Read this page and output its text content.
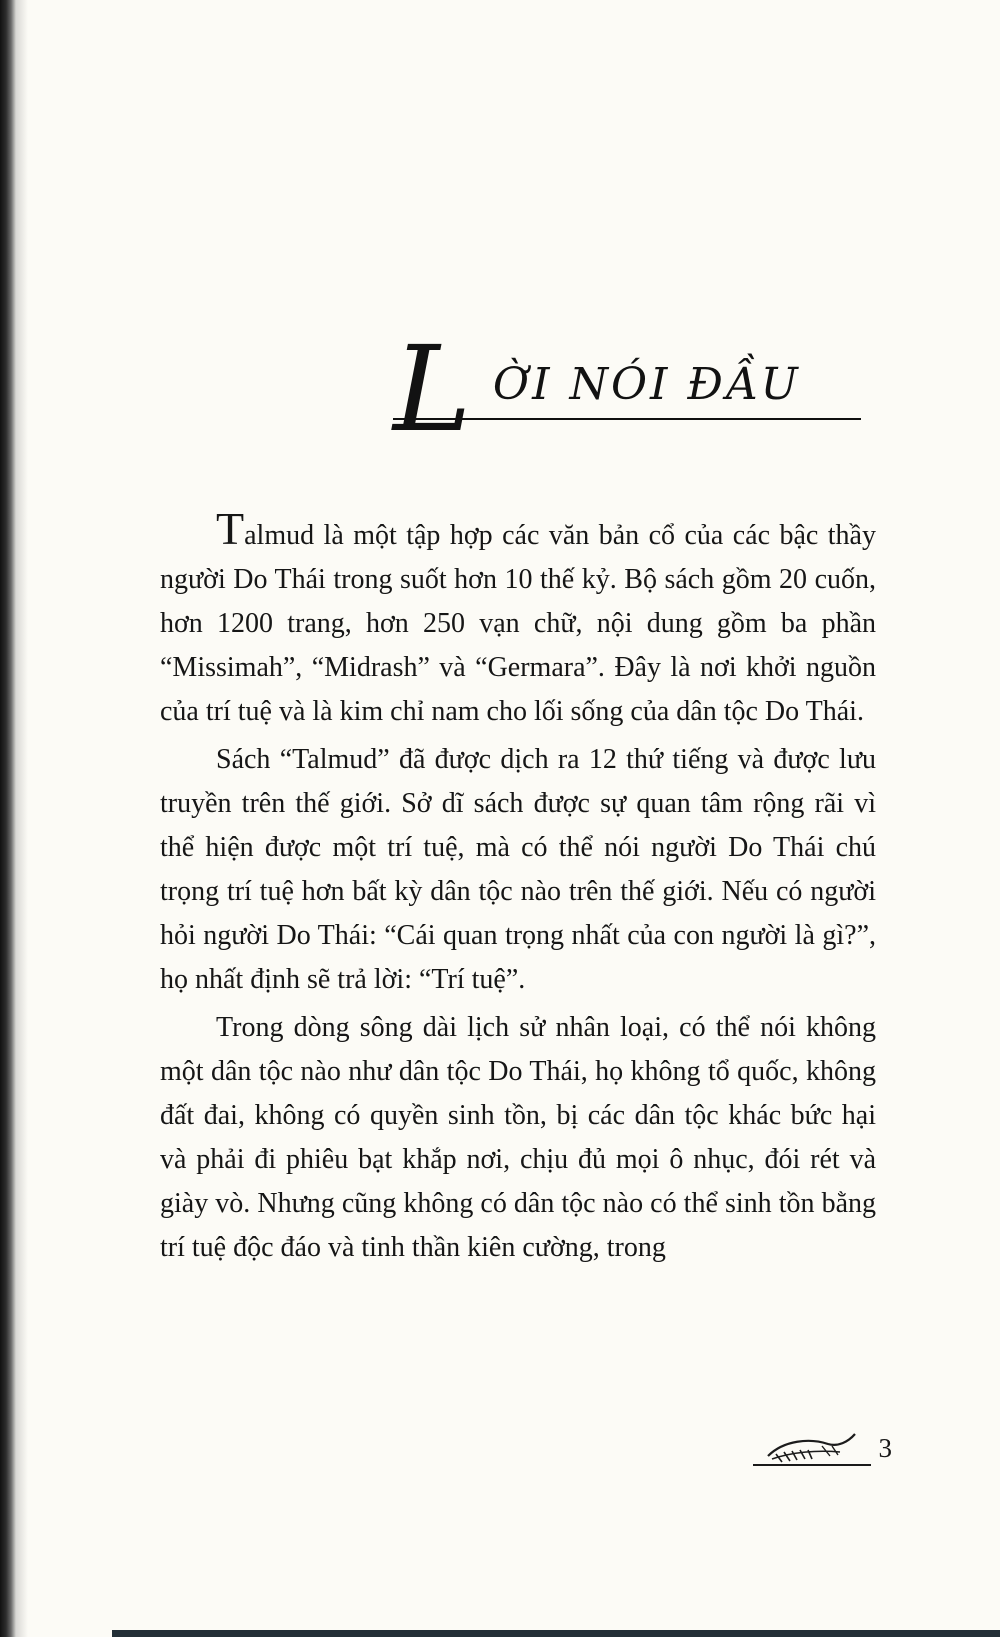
L ỜI NÓI ĐẦU

Talmud là một tập hợp các văn bản cổ của các bậc thầy người Do Thái trong suốt hơn 10 thế kỷ. Bộ sách gồm 20 cuốn, hơn 1200 trang, hơn 250 vạn chữ, nội dung gồm ba phần “Missimah”, “Midrash” và “Germara”. Đây là nơi khởi nguồn của trí tuệ và là kim chỉ nam cho lối sống của dân tộc Do Thái.

Sách “Talmud” đã được dịch ra 12 thứ tiếng và được lưu truyền trên thế giới. Sở dĩ sách được sự quan tâm rộng rãi vì thể hiện được một trí tuệ, mà có thể nói người Do Thái chú trọng trí tuệ hơn bất kỳ dân tộc nào trên thế giới. Nếu có người hỏi người Do Thái: “Cái quan trọng nhất của con người là gì?”, họ nhất định sẽ trả lời: “Trí tuệ”.

Trong dòng sông dài lịch sử nhân loại, có thể nói không một dân tộc nào như dân tộc Do Thái, họ không tổ quốc, không đất đai, không có quyền sinh tồn, bị các dân tộc khác bức hại và phải đi phiêu bạt khắp nơi, chịu đủ mọi ô nhục, đói rét và giày vò. Nhưng cũng không có dân tộc nào có thể sinh tồn bằng trí tuệ độc đáo và tinh thần kiên cường, trong

3
